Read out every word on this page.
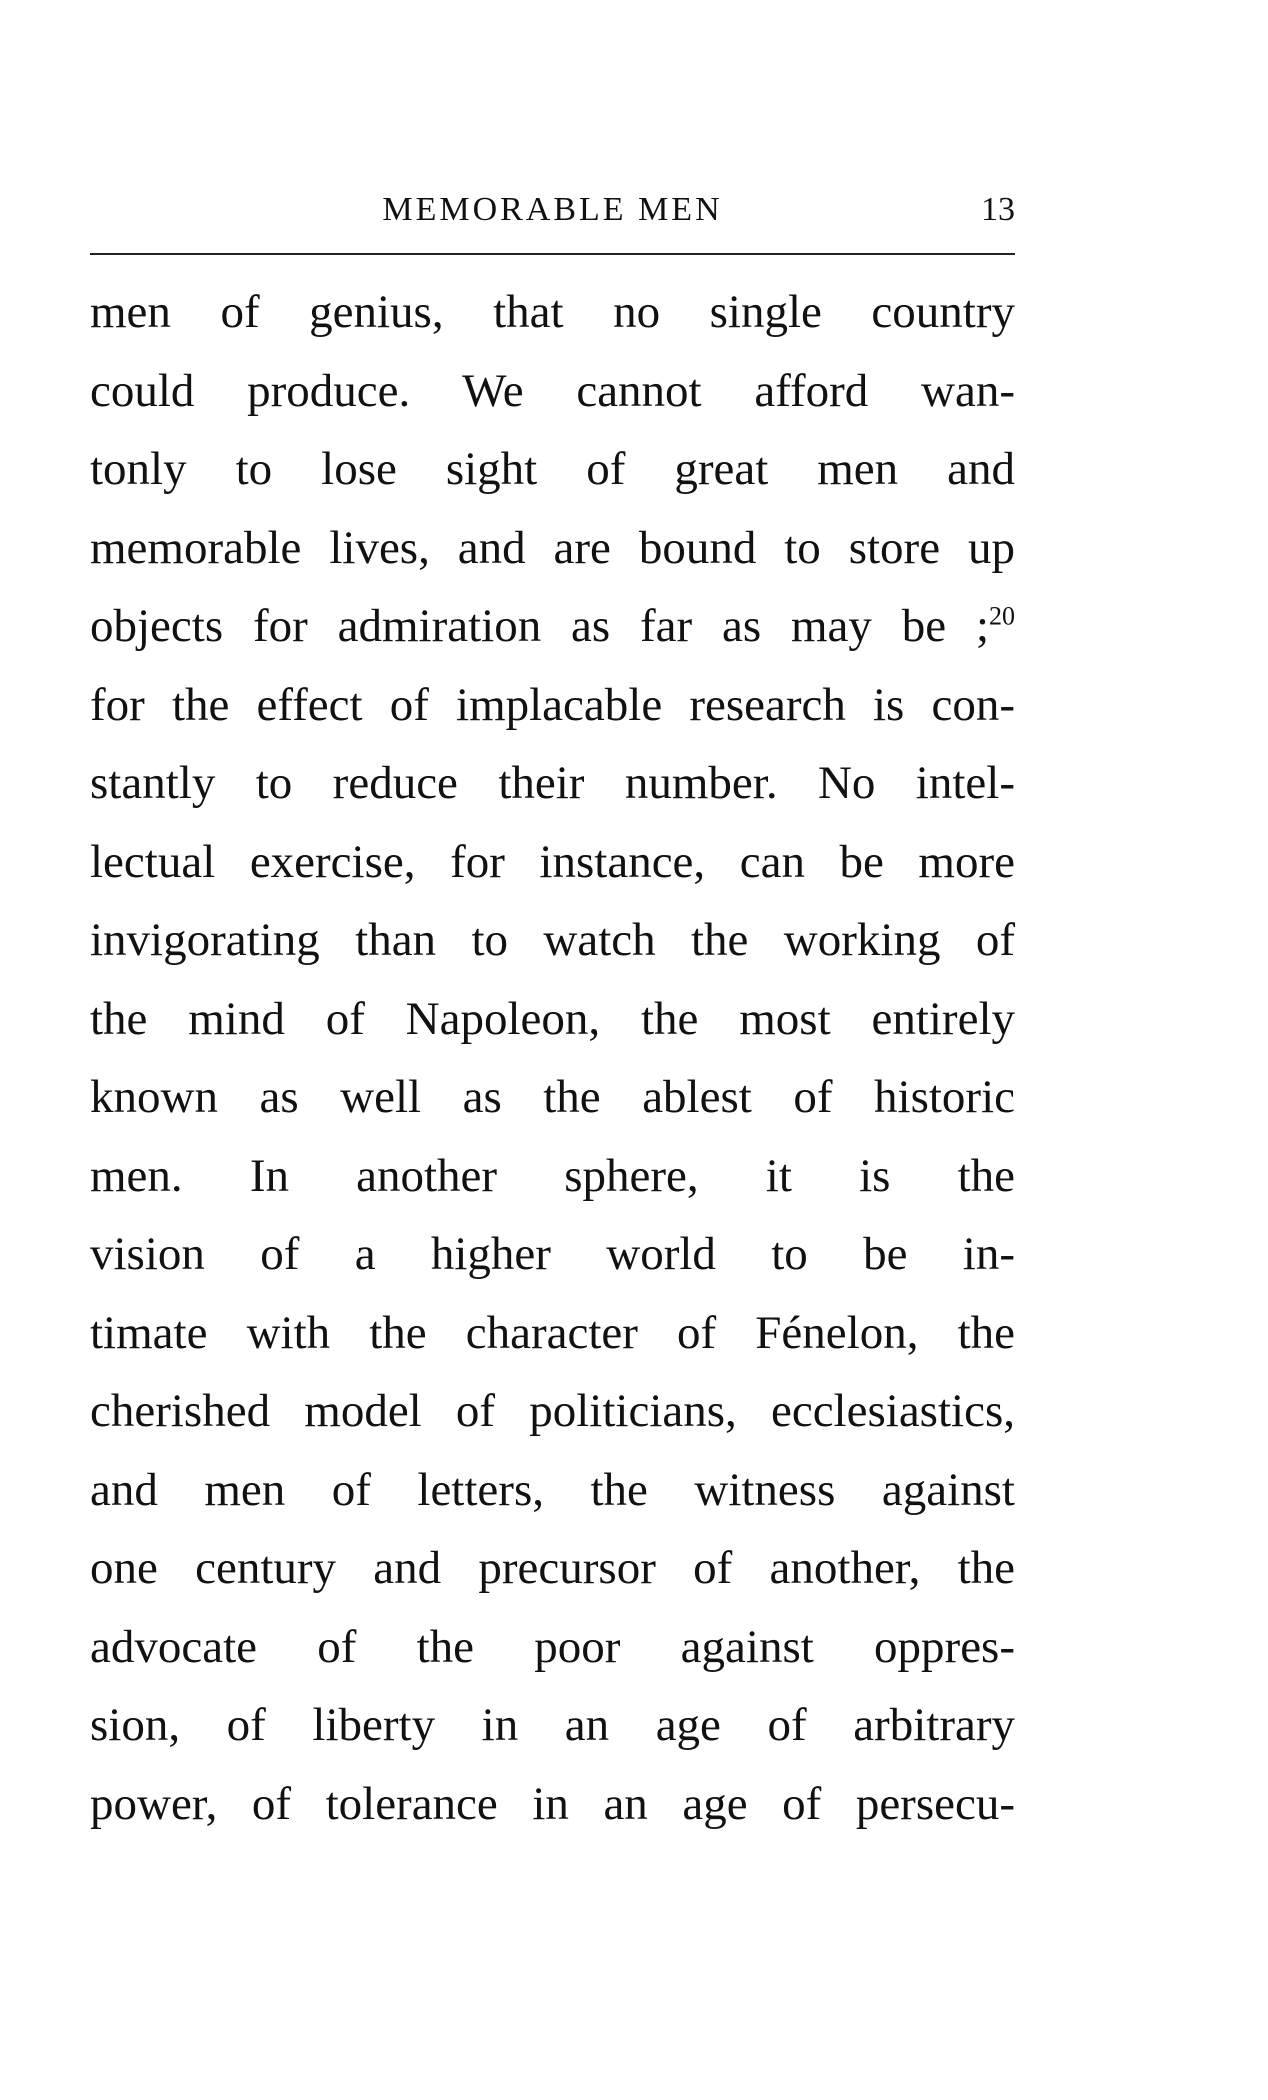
MEMORABLE MEN	13
men of genius, that no single country
could produce. We cannot afford wan-
tonly to lose sight of great men and
memorable lives, and are bound to store up
objects for admiration as far as may be ;$^{20}$
for the effect of implacable research is con-
stantly to reduce their number. No intel-
lectual exercise, for instance, can be more
invigorating than to watch the working of
the mind of Napoleon, the most entirely
known as well as the ablest of historic
men. In another sphere, it is the
vision of a higher world to be in-
timate with the character of Fénelon, the
cherished model of politicians, ecclesiastics,
and men of letters, the witness against
one century and precursor of another, the
advocate of the poor against oppres-
sion, of liberty in an age of arbitrary
power, of tolerance in an age of persecu-
